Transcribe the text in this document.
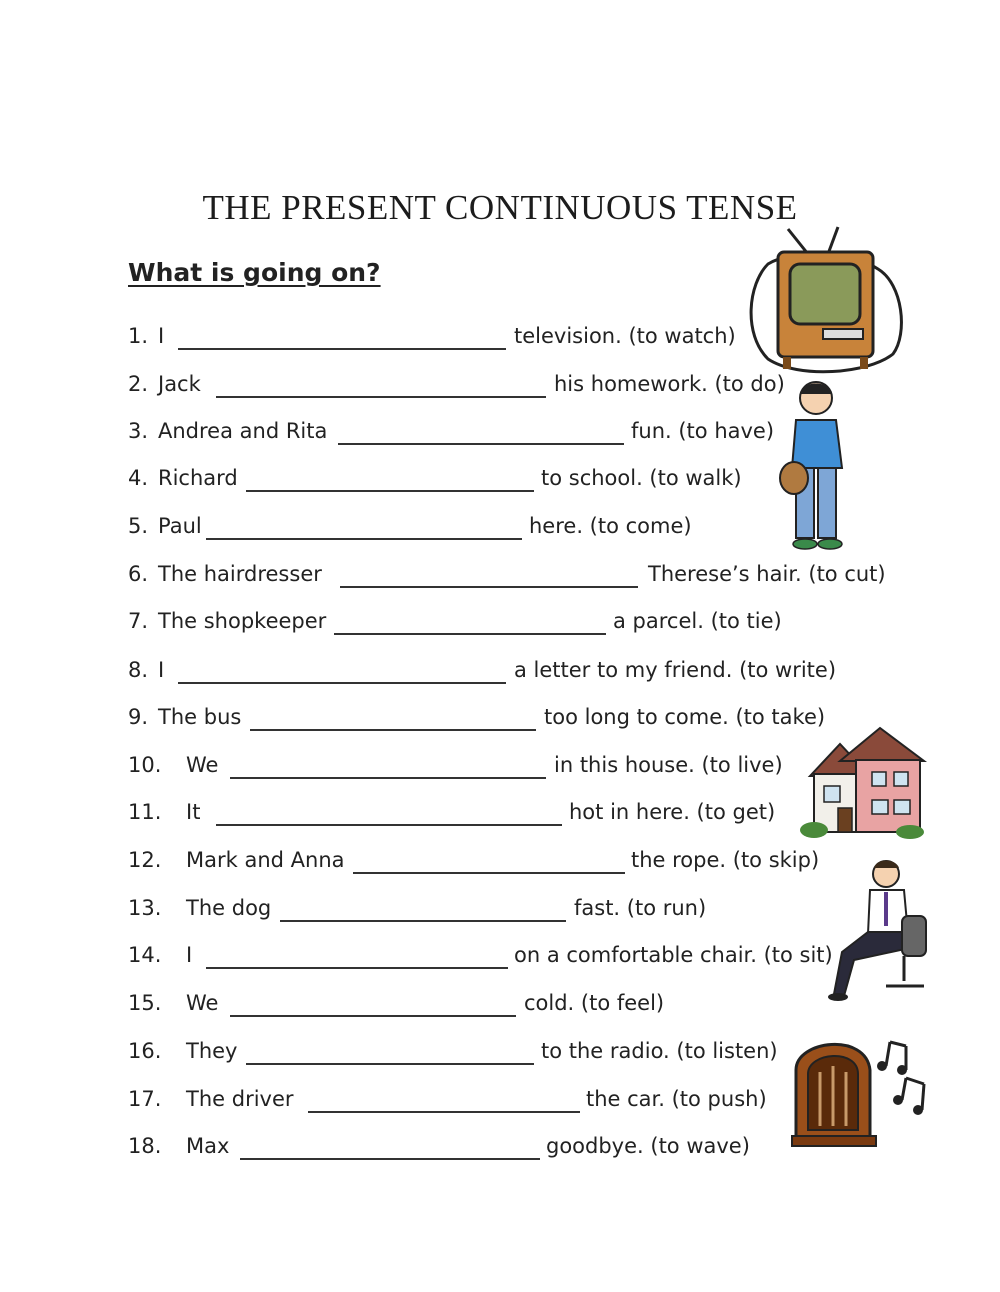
THE PRESENT CONTINUOUS TENSE
What is going on?
1. I	television. (to watch)
2. Jack	his homework. (to do)
3. Andrea and Rita	fun. (to have)
4. Richard	to school. (to walk)
5. Paul	here. (to come)
6. The hairdresser	Therese’s hair. (to cut)
7. The shopkeeper	a parcel. (to tie)
8. I	a letter to my friend. (to write)
9. The bus	too long to come. (to take)
10. We	in this house. (to live)
11. It	hot in here. (to get)
12. Mark and Anna	the rope. (to skip)
13. The dog	fast. (to run)
14. I	on a comfortable chair. (to sit)
15. We	cold. (to feel)
16. They	to the radio. (to listen)
17. The driver	the car. (to push)
18. Max	goodbye. (to wave)
